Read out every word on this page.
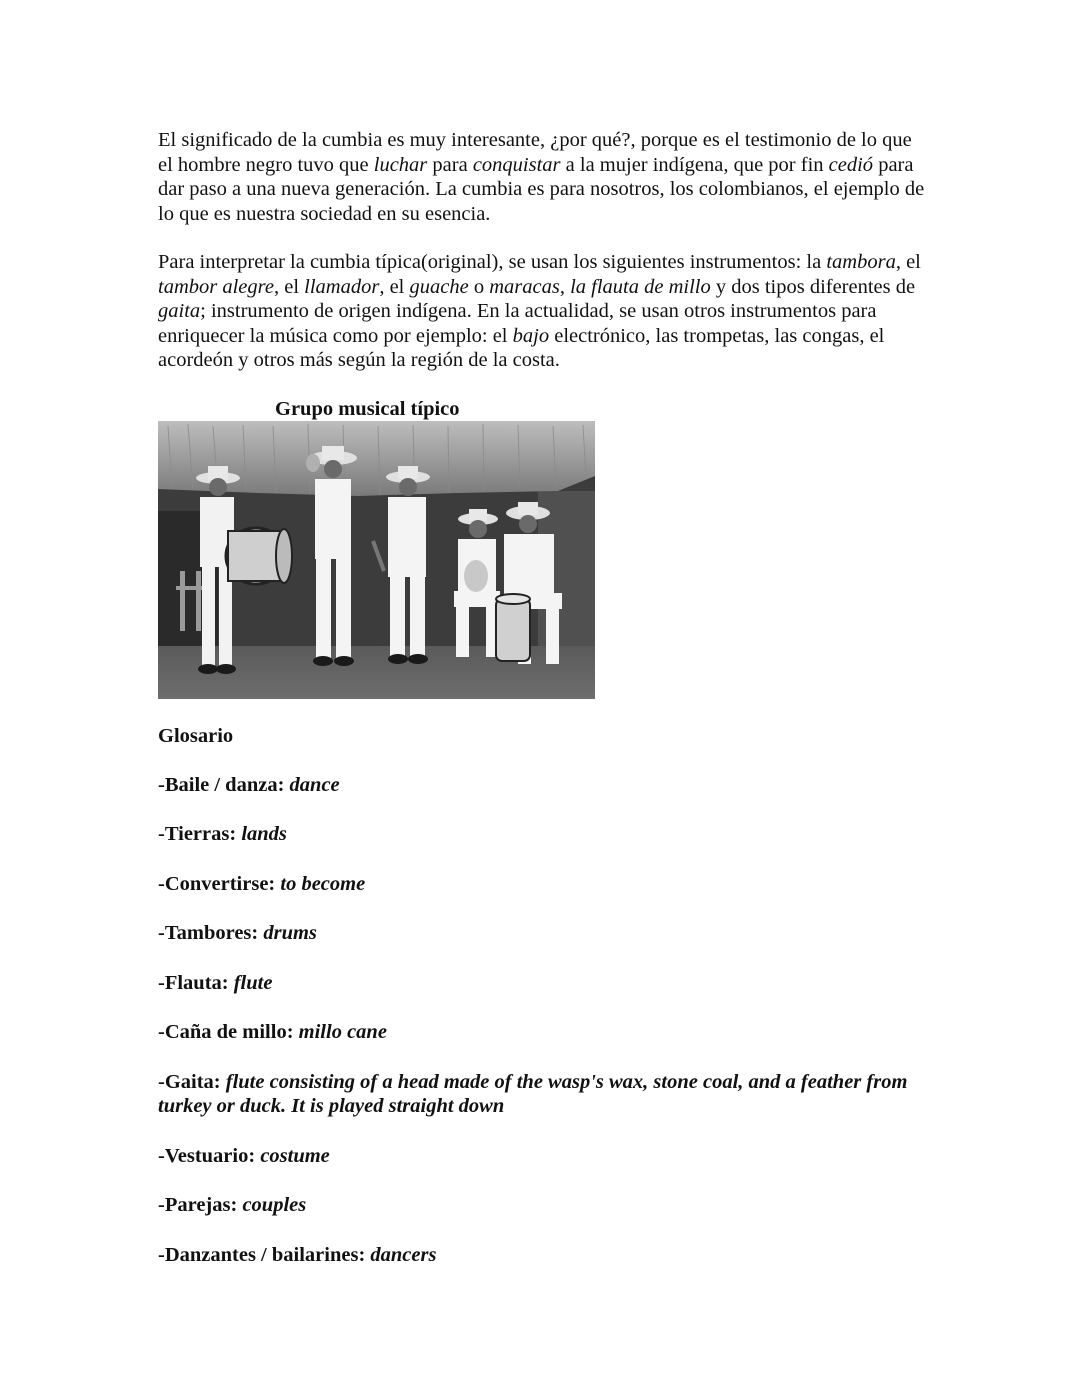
El significado de la cumbia es muy interesante, ¿por qué?, porque es el testimonio de lo que el hombre negro tuvo que luchar para conquistar a la mujer indígena, que por fin cedió para dar paso a una nueva generación. La cumbia es para nosotros, los colombianos, el ejemplo de lo que es nuestra sociedad en su esencia.

Para interpretar la cumbia típica(original), se usan los siguientes instrumentos: la tambora, el tambor alegre, el llamador, el guache o maracas, la flauta de millo y dos tipos diferentes de gaita; instrumento de origen indígena. En la actualidad, se usan otros instrumentos para enriquecer la música como por ejemplo: el bajo electrónico, las trompetas, las congas, el acordeón y otros más según la región de la costa.

Grupo musical típico
Glosario
-Baile / danza: dance
-Tierras: lands
-Convertirse: to become
-Tambores: drums
-Flauta: flute
-Caña de millo: millo cane
-Gaita: flute consisting of a head made of the wasp's wax, stone coal, and a feather from turkey or duck. It is played straight down
-Vestuario: costume
-Parejas: couples
-Danzantes / bailarines: dancers
